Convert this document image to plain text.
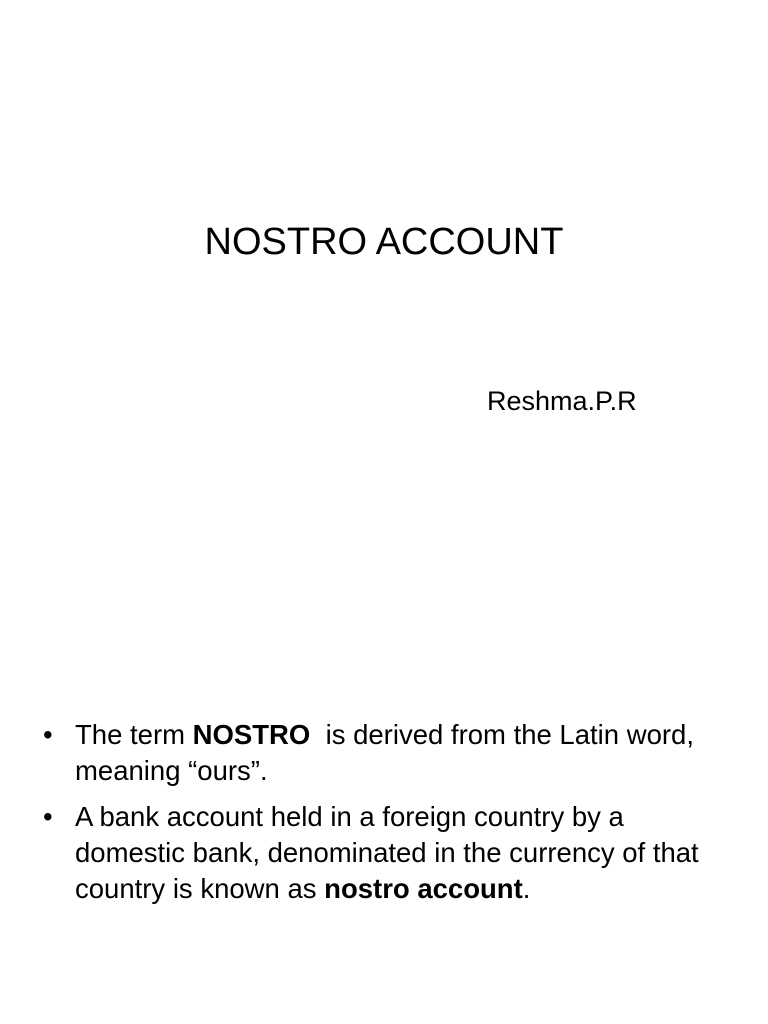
NOSTRO ACCOUNT
Reshma.P.R
• The term NOSTRO  is derived from the Latin word, meaning “ours”.
• A bank account held in a foreign country by a domestic bank, denominated in the currency of that country is known as nostro account.
